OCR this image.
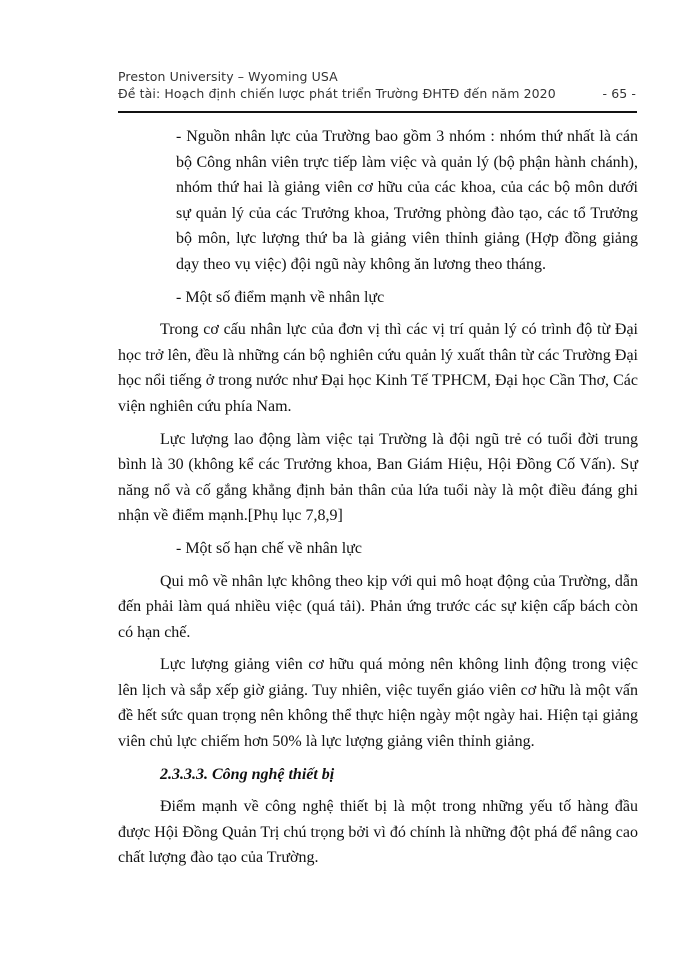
Preston University – Wyoming USA
Đề tài: Hoạch định chiến lược phát triển Trường ĐHTĐ đến năm 2020	- 65 -

- Nguồn nhân lực của Trường bao gồm 3 nhóm : nhóm thứ nhất là cán bộ Công nhân viên trực tiếp làm việc và quản lý (bộ phận hành chánh), nhóm thứ hai là giảng viên cơ hữu của các khoa, của các bộ môn dưới sự quản lý của các Trưởng khoa, Trưởng phòng đào tạo, các tổ Trưởng bộ môn, lực lượng thứ ba là giảng viên thỉnh giảng (Hợp đồng giảng dạy theo vụ việc) đội ngũ này không ăn lương theo tháng.

- Một số điểm mạnh về nhân lực

Trong cơ cấu nhân lực của đơn vị thì các vị trí quản lý có trình độ từ Đại học trở lên, đều là những cán bộ nghiên cứu quản lý xuất thân từ các Trường Đại học nổi tiếng ở trong nước như Đại học Kinh Tế TPHCM, Đại học Cần Thơ, Các viện nghiên cứu phía Nam.

Lực lượng lao động làm việc tại Trường là đội ngũ trẻ có tuổi đời trung bình là 30 (không kể các Trưởng khoa, Ban Giám Hiệu, Hội Đồng Cố Vấn). Sự năng nổ và cố gắng khẳng định bản thân của lứa tuổi này là một điều đáng ghi nhận về điểm mạnh.[Phụ lục 7,8,9]

- Một số hạn chế về nhân lực

Qui mô về nhân lực không theo kịp với qui mô hoạt động của Trường, dẫn đến phải làm quá nhiều việc (quá tải). Phản ứng trước các sự kiện cấp bách còn có hạn chế.

Lực lượng giảng viên cơ hữu quá mỏng nên không linh động trong việc lên lịch và sắp xếp giờ giảng. Tuy nhiên, việc tuyển giáo viên cơ hữu là một vấn đề hết sức quan trọng nên không thể thực hiện ngày một ngày hai. Hiện tại giảng viên chủ lực chiếm hơn 50% là lực lượng giảng viên thỉnh giảng.

2.3.3.3. Công nghệ thiết bị

Điểm mạnh về công nghệ thiết bị là một trong những yếu tố hàng đầu được Hội Đồng Quản Trị chú trọng bởi vì đó chính là những đột phá để nâng cao chất lượng đào tạo của Trường.
